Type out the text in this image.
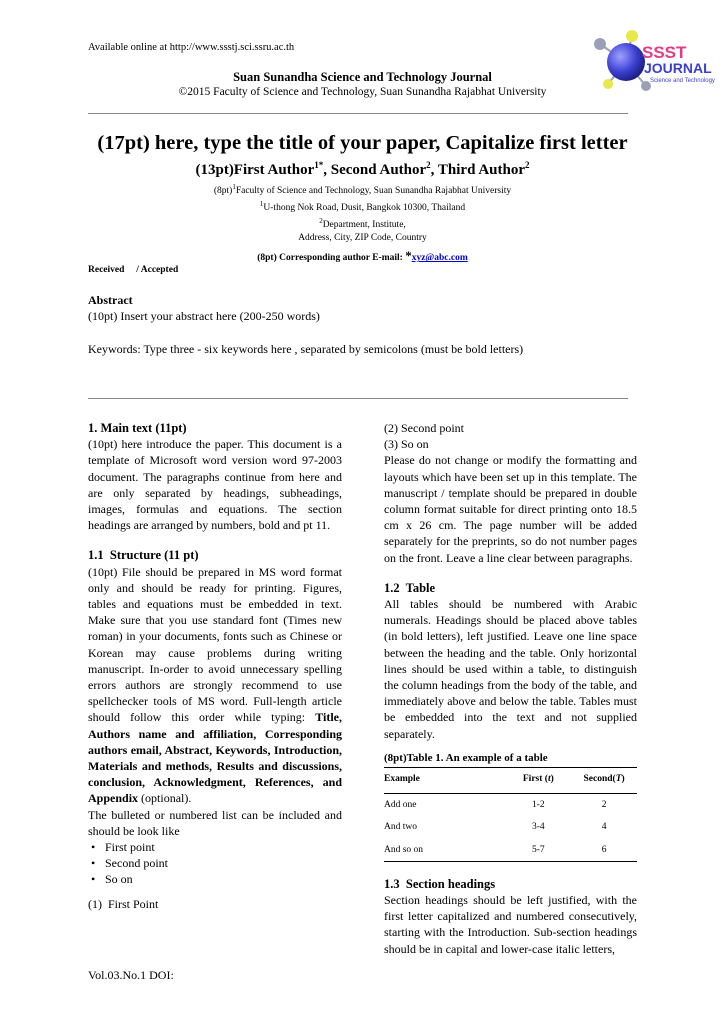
Available online at http://www.ssstj.sci.ssru.ac.th	SSST
JOURNAL
Science and Technology
Suan Sunandha Science and Technology Journal
©2015 Faculty of Science and Technology, Suan Sunandha Rajabhat University
(17pt) here, type the title of your paper, Capitalize first letter
(13pt)First Author$^{1*}$, Second Author$^2$, Third Author$^2$
$(8pt)^1Faculty$ of Science and Technology, Suan Sunandha Rajabhat University
$^1$U-thong Nok Road, Dusit, Bangkok 10300, Thailand
$^2$Department, Institute,
Address, City, ZIP Code, Country
(8pt) Corresponding author E-mail: *xyz@abc.com
Received     / Accepted
Abstract
(10pt) Insert your abstract here (200-250 words)
Keywords: Type three - six keywords here , separated by semicolons (must be bold letters)

1. Main text (11pt)

(10pt) here introduce the paper. This document is a template of Microsoft word version word 97-2003 document. The paragraphs continue from here and are only separated by headings, subheadings, images, formulas and equations. The section headings are arranged by numbers, bold and pt 11.

1.1  Structure (11 pt)

(10pt) File should be prepared in MS word format only and should be ready for printing. Figures, tables and equations must be embedded in text. Make sure that you use standard font (Times new roman) in your documents, fonts such as Chinese or Korean may cause problems during writing manuscript. In-order to avoid unnecessary spelling errors authors are strongly recommend to use spellchecker tools of MS word. Full-length article should follow this order while typing: Title, Authors name and affiliation, Corresponding authors email, Abstract, Keywords, Introduction, Materials and methods, Results and discussions, conclusion, Acknowledgment, References, and Appendix (optional).

The bulleted or numbered list can be included and should be look like

• First point
• Second point
• So on

(1)  First Point

(2) Second point

(3) So on

Please do not change or modify the formatting and layouts which have been set up in this template. The manuscript / template should be prepared in double column format suitable for direct printing onto 18.5 cm x 26 cm. The page number will be added separately for the preprints, so do not number pages on the front. Leave a line clear between paragraphs.

1.2  Table

All tables should be numbered with Arabic numerals. Headings should be placed above tables (in bold letters), left justified. Leave one line space between the heading and the table. Only horizontal lines should be used within a table, to distinguish the column headings from the body of the table, and immediately above and below the table. Tables must be embedded into the text and not supplied separately.

(8pt)Table 1. An example of a table
Example	First (t)	Second(T)
Add one	1-2	2
And two	3-4	4
And so on	5-7	6

1.3  Section headings

Section headings should be left justified, with the first letter capitalized and numbered consecutively, starting with the Introduction. Sub-section headings should be in capital and lower-case italic letters,

Vol.03.No.1 DOI:
